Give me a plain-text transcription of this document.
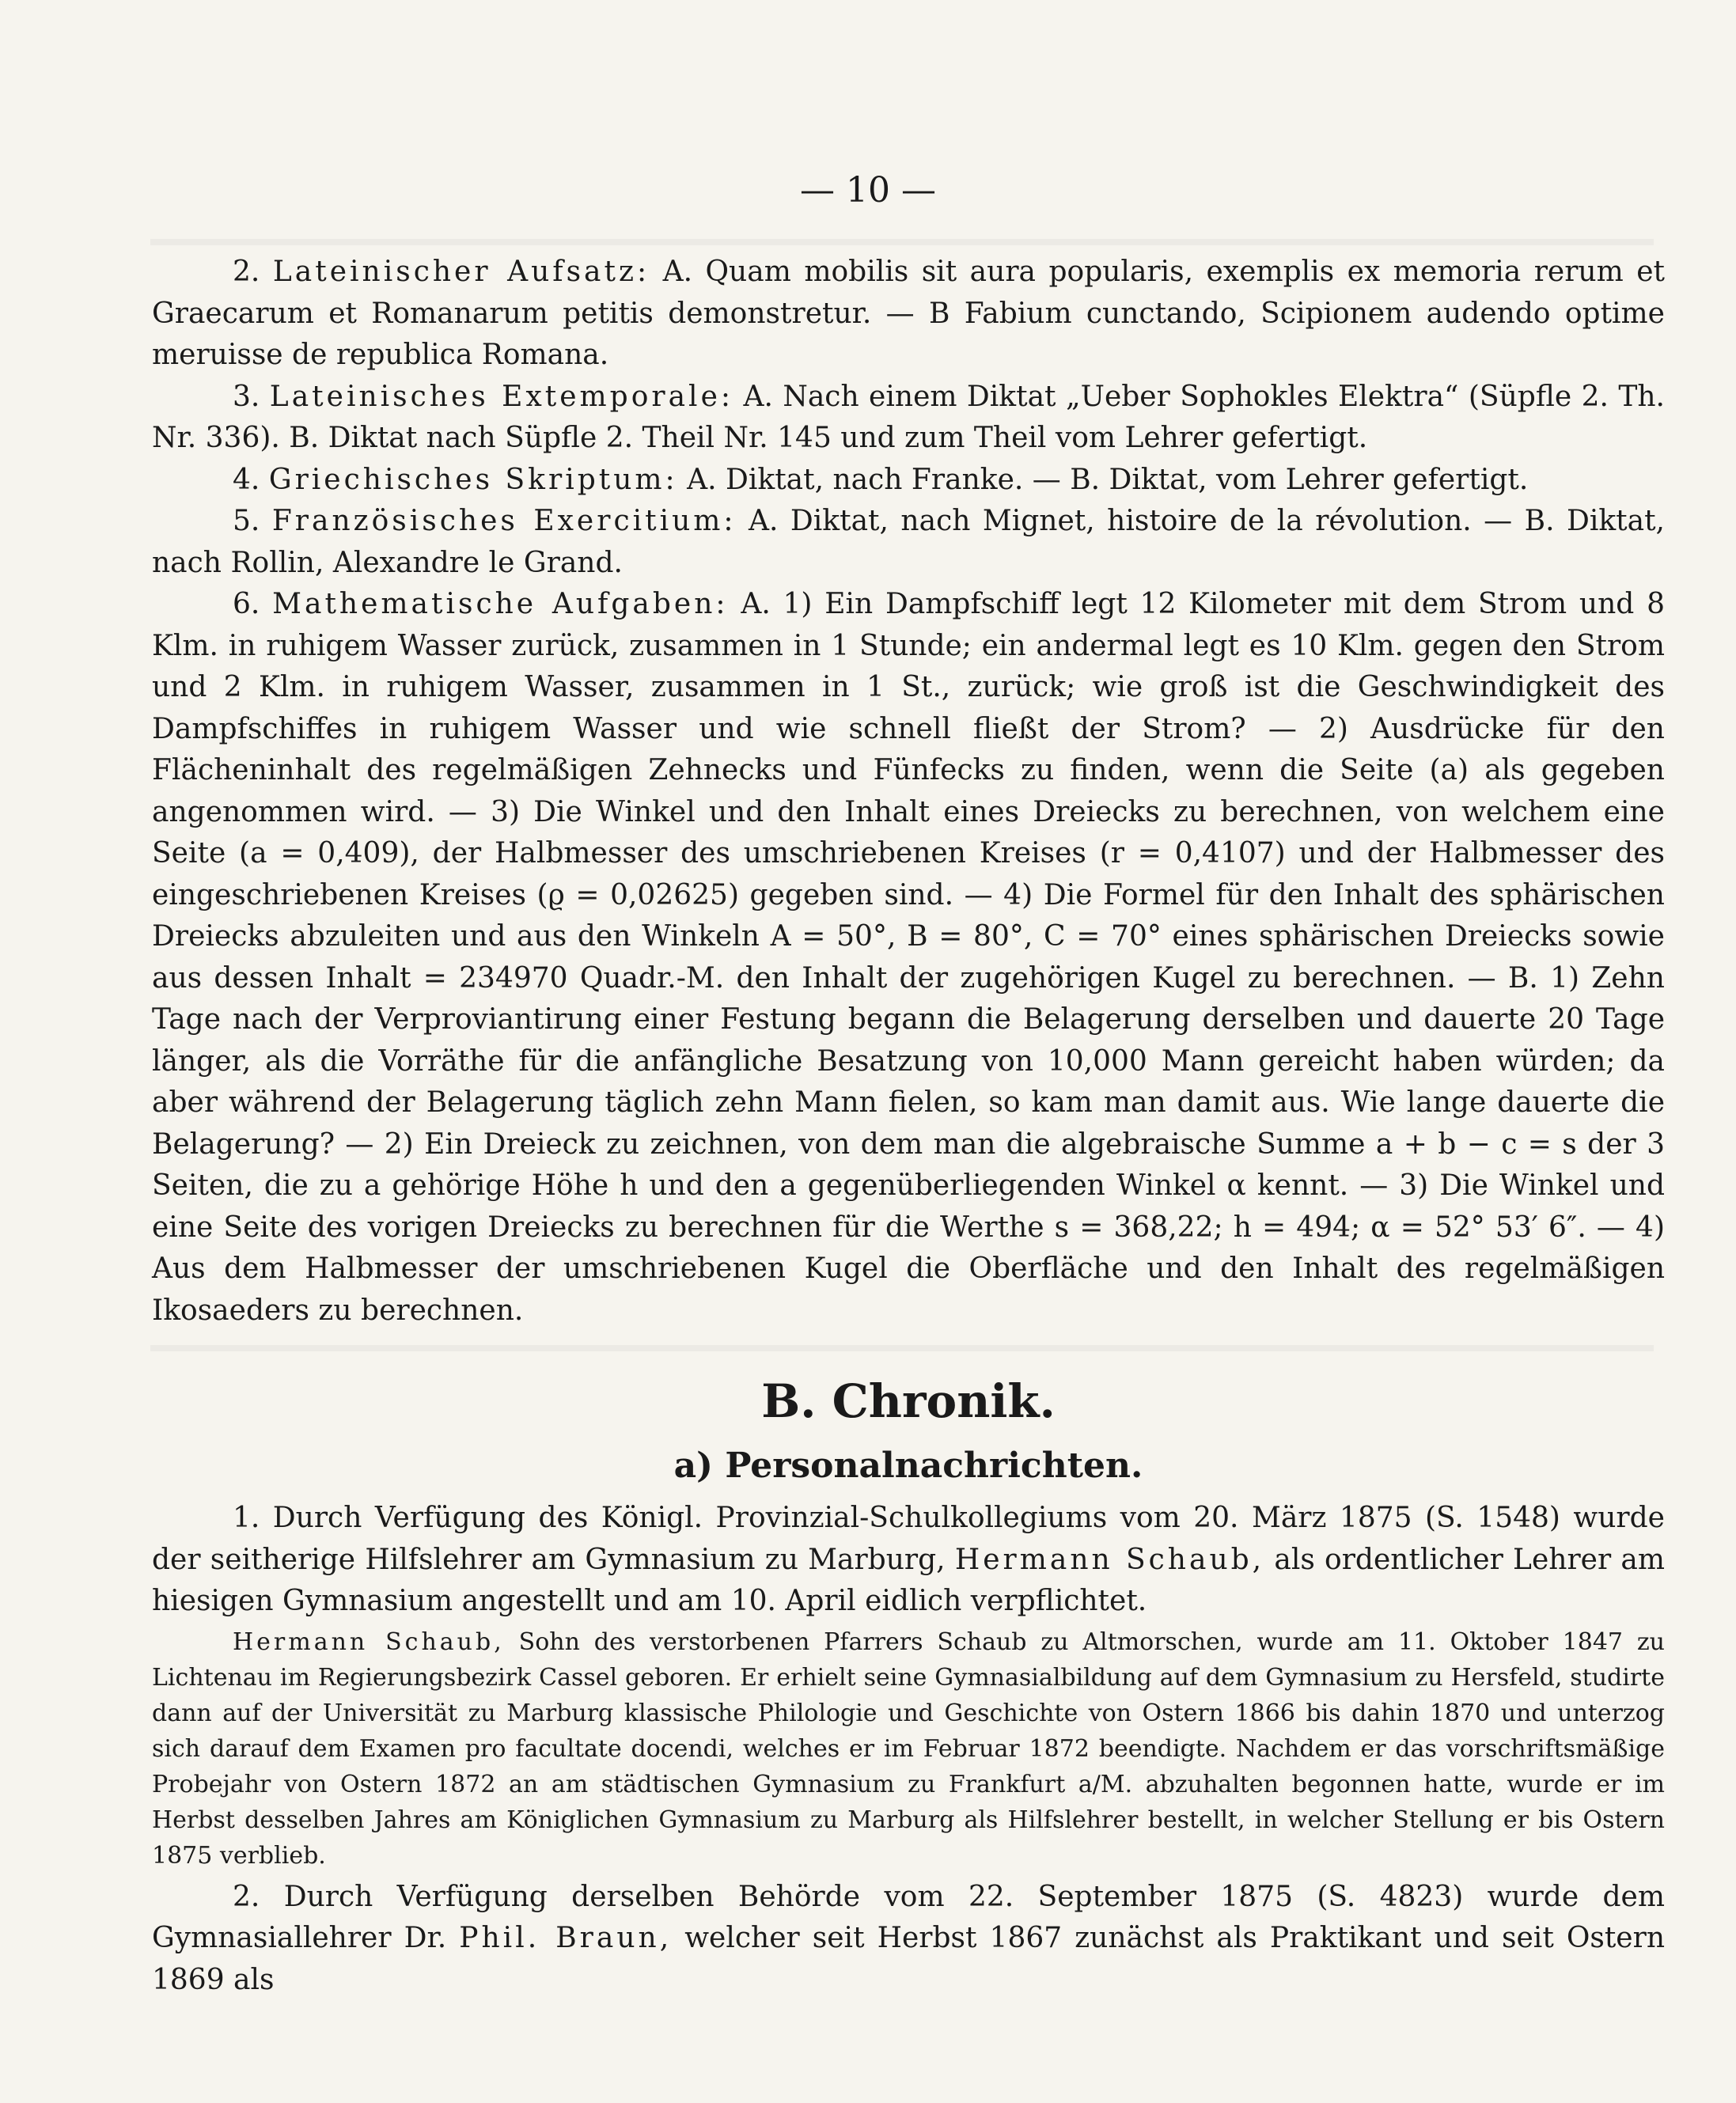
— 10 —

2. Lateinischer Aufsatz: A. Quam mobilis sit aura popularis, exemplis ex memoria rerum et Graecarum et Romanarum petitis demonstretur. — B Fabium cunctando, Scipionem audendo optime meruisse de republica Romana.

3. Lateinisches Extemporale: A. Nach einem Diktat „Ueber Sophokles Elektra“ (Süpfle 2. Th. Nr. 336). B. Diktat nach Süpfle 2. Theil Nr. 145 und zum Theil vom Lehrer gefertigt.

4. Griechisches Skriptum: A. Diktat, nach Franke. — B. Diktat, vom Lehrer gefertigt.

5. Französisches Exercitium: A. Diktat, nach Mignet, histoire de la révolution. — B. Diktat, nach Rollin, Alexandre le Grand.

6. Mathematische Aufgaben: A. 1) Ein Dampfschiff legt 12 Kilometer mit dem Strom und 8 Klm. in ruhigem Wasser zurück, zusammen in 1 Stunde; ein andermal legt es 10 Klm. gegen den Strom und 2 Klm. in ruhigem Wasser, zusammen in 1 St., zurück; wie groß ist die Geschwindigkeit des Dampfschiffes in ruhigem Wasser und wie schnell fließt der Strom? — 2) Ausdrücke für den Flächeninhalt des regelmäßigen Zehnecks und Fünfecks zu finden, wenn die Seite (a) als gegeben angenommen wird. — 3) Die Winkel und den Inhalt eines Dreiecks zu berechnen, von welchem eine Seite (a = 0,409), der Halbmesser des umschriebenen Kreises (r = 0,4107) und der Halbmesser des eingeschriebenen Kreises (ϱ = 0,02625) gegeben sind. — 4) Die Formel für den Inhalt des sphärischen Dreiecks abzuleiten und aus den Winkeln A = 50°, B = 80°, C = 70° eines sphärischen Dreiecks sowie aus dessen Inhalt = 234970 Quadr.-M. den Inhalt der zugehörigen Kugel zu berechnen. — B. 1) Zehn Tage nach der Verproviantirung einer Festung begann die Belagerung derselben und dauerte 20 Tage länger, als die Vorräthe für die anfängliche Besatzung von 10,000 Mann gereicht haben würden; da aber während der Belagerung täglich zehn Mann fielen, so kam man damit aus. Wie lange dauerte die Belagerung? — 2) Ein Dreieck zu zeichnen, von dem man die algebraische Summe a + b − c = s der 3 Seiten, die zu a gehörige Höhe h und den a gegenüberliegenden Winkel α kennt. — 3) Die Winkel und eine Seite des vorigen Dreiecks zu berechnen für die Werthe s = 368,22; h = 494; α = 52° 53′ 6″. — 4) Aus dem Halbmesser der umschriebenen Kugel die Oberfläche und den Inhalt des regelmäßigen Ikosaeders zu berechnen.

B. Chronik.
a) Personalnachrichten.

1. Durch Verfügung des Königl. Provinzial-Schulkollegiums vom 20. März 1875 (S. 1548) wurde der seitherige Hilfslehrer am Gymnasium zu Marburg, Hermann Schaub, als ordentlicher Lehrer am hiesigen Gymnasium angestellt und am 10. April eidlich verpflichtet.

Hermann Schaub, Sohn des verstorbenen Pfarrers Schaub zu Altmorschen, wurde am 11. Oktober 1847 zu Lichtenau im Regierungsbezirk Cassel geboren. Er erhielt seine Gymnasialbildung auf dem Gymnasium zu Hersfeld, studirte dann auf der Universität zu Marburg klassische Philologie und Geschichte von Ostern 1866 bis dahin 1870 und unterzog sich darauf dem Examen pro facultate docendi, welches er im Februar 1872 beendigte. Nachdem er das vorschriftsmäßige Probejahr von Ostern 1872 an am städtischen Gymnasium zu Frankfurt a/M. abzuhalten begonnen hatte, wurde er im Herbst desselben Jahres am Königlichen Gymnasium zu Marburg als Hilfslehrer bestellt, in welcher Stellung er bis Ostern 1875 verblieb.

2. Durch Verfügung derselben Behörde vom 22. September 1875 (S. 4823) wurde dem Gymnasiallehrer Dr. Phil. Braun, welcher seit Herbst 1867 zunächst als Praktikant und seit Ostern 1869 als
